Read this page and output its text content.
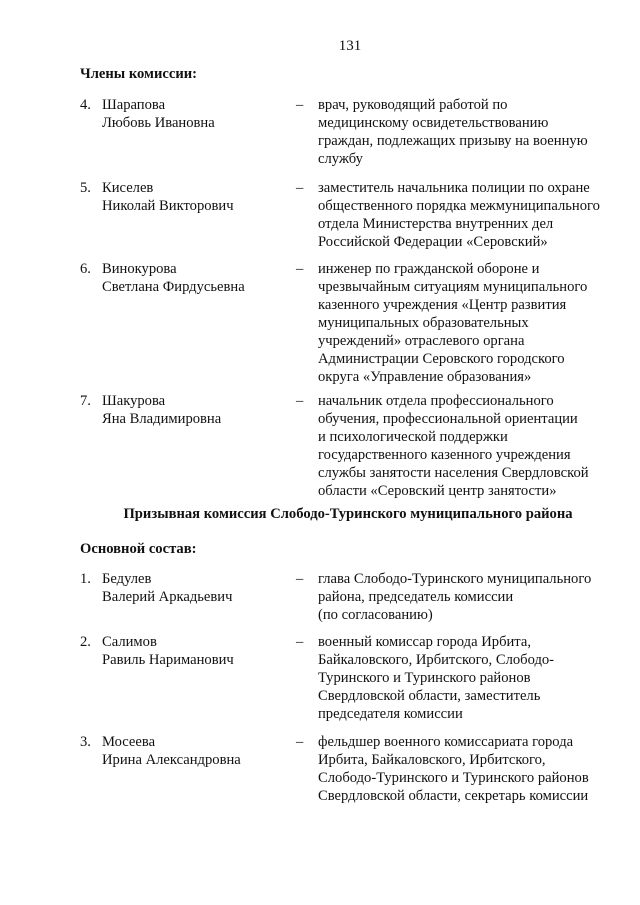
131
Члены комиссии:
4. Шарапова
Любовь Ивановна
–	врач, руководящий работой по
медицинскому освидетельствованию
граждан, подлежащих призыву на военную
службу
5. Киселев
Николай Викторович
–	заместитель начальника полиции по охране
общественного порядка межмуниципального
отдела Министерства внутренних дел
Российской Федерации «Серовский»
6. Винокурова
Светлана Фирдусьевна
–	инженер по гражданской обороне и
чрезвычайным ситуациям муниципального
казенного учреждения «Центр развития
муниципальных образовательных
учреждений» отраслевого органа
Администрации Серовского городского
округа «Управление образования»
7. Шакурова
Яна Владимировна
–	начальник отдела профессионального
обучения, профессиональной ориентации
и психологической поддержки
государственного казенного учреждения
службы занятости населения Свердловской
области «Серовский центр занятости»
Призывная комиссия Слободо-Туринского муниципального района
Основной состав:
1. Бедулев
Валерий Аркадьевич
–	глава Слободо-Туринского муниципального
района, председатель комиссии
(по согласованию)
2. Салимов
Равиль Нариманович
–	военный комиссар города Ирбита,
Байкаловского, Ирбитского, Слободо-
Туринского и Туринского районов
Свердловской области, заместитель
председателя комиссии
3. Мосеева
Ирина Александровна
–	фельдшер военного комиссариата города
Ирбита, Байкаловского, Ирбитского,
Слободо-Туринского и Туринского районов
Свердловской области, секретарь комиссии
